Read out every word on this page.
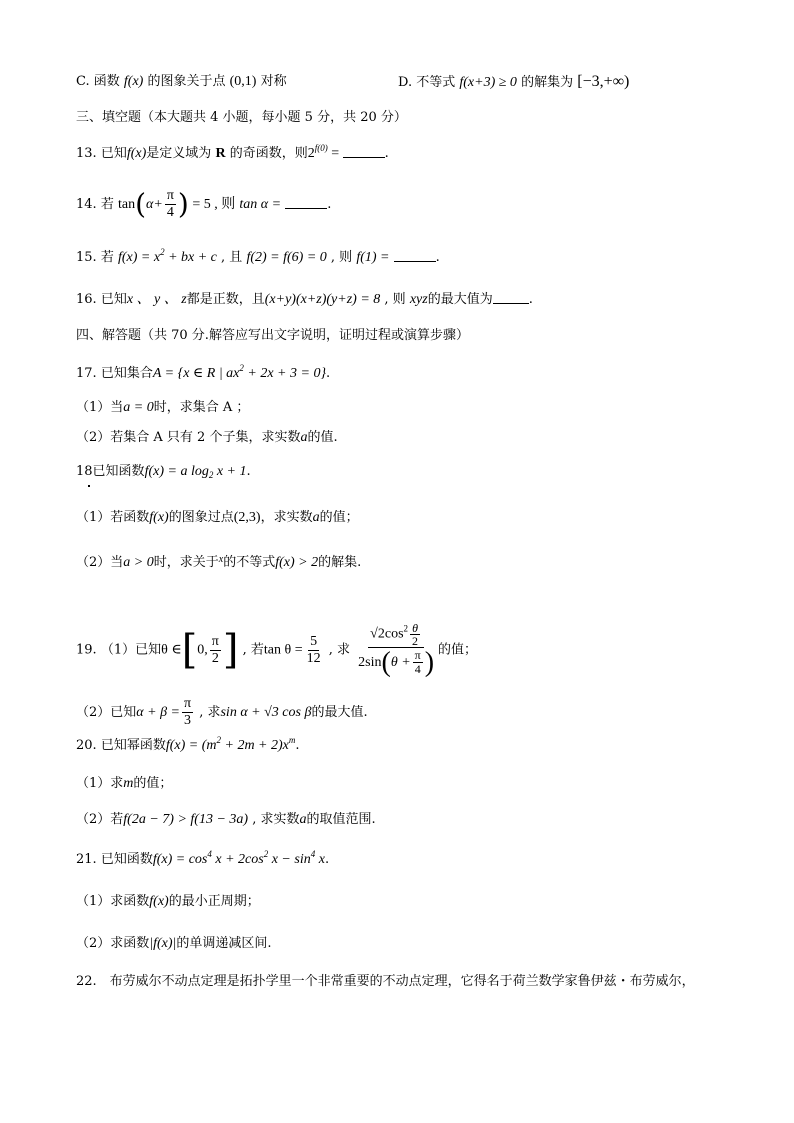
C. 函数 f(x) 的图象关于点 (0,1) 对称	D. 不等式 f(x+3) ≥ 0 的解集为 [−3,+∞)
三、填空题（本大题共 4 小题，每小题 5 分，共 20 分）
13. 已知f(x)是定义域为 R 的奇函数，则$2^{f(0)}$ =	.
14. 若 $\tan(\alpha+ \frac{\pi}{4}$ ) = 5 , 则 tan α =	.
15. 若 $f(x) = x^2$ + bx + c , 且 f(2) = f(6) = 0 , 则 f(1) =	.
16. 已知x 、 y 、 z都是正数，且(x+y)(x+z)(y+z) = 8 , 则 xyz的最大值为	.
四、解答题（共 70 分.解答应写出文字说明，证明过程或演算步骤）
17. 已知集合A = {x ∈ R | $ax^2 + 2x + 3 = 0$}.
（1）当a = 0时，求集合 A ；
（2）若集合 A 只有 2 个子集，求实数a的值.
18已知函数f(x) = a $\log_2 x + 1$.
（1）若函数f(x)的图象过点(2,3)，求实数a的值；
（2）当a > 0时，求关于$^x$的不等式f(x) > 2的解集.
19. （1）已知θ ∈[0, $\frac{\pi}{2}$ ] , 若$\tan \theta = \frac{5}{12}$ , 求 $\frac{√2\cos^2 \frac{\theta}{2}}{2\sin(\theta + \frac{\pi}{4} )}$ 的值；
（2）已知$\alpha + \beta = \frac{\pi}{3}$ , 求sin α + √3 cos β的最大值.
20. 已知幂函数$f(x) = (m^2 + 2m + 2)x^m$.
（1）求m的值；
（2）若f(2a − 7) > f(13 − 3a) , 求实数a的取值范围.
21. 已知函数$f(x) = \cos^4 x + 2\cos^2$ $x - \sin^4 x$.
（1）求函数f(x)的最小正周期；
（2）求函数|f(x)|的单调递减区间.
22.　布劳威尔不动点定理是拓扑学里一个非常重要的不动点定理，它得名于荷兰数学家鲁伊兹・布劳威尔，
